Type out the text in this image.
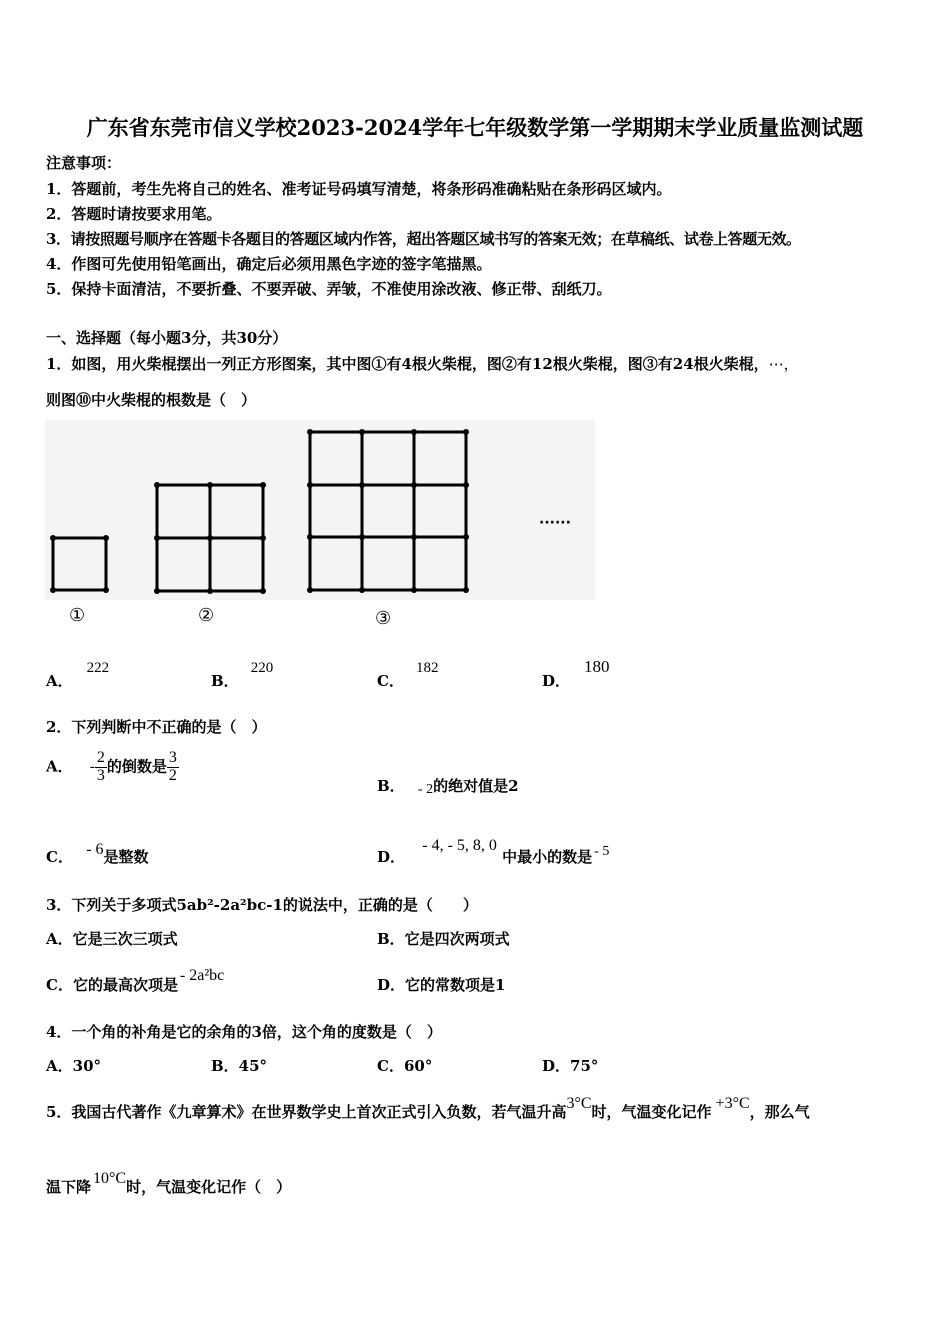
广东省东莞市信义学校2023-2024学年七年级数学第一学期期末学业质量监测试题
注意事项：
1．答题前，考生先将自己的姓名、准考证号码填写清楚，将条形码准确粘贴在条形码区域内。
2．答题时请按要求用笔。
3．请按照题号顺序在答题卡各题目的答题区域内作答，超出答题区域书写的答案无效；在草稿纸、试卷上答题无效。
4．作图可先使用铅笔画出，确定后必须用黑色字迹的签字笔描黑。
5．保持卡面清洁，不要折叠、不要弄破、弄皱，不准使用涂改液、修正带、刮纸刀。
一、选择题（每小题3分，共30分）
1．如图，用火柴棍摆出一列正方形图案，其中图①有4根火柴棍，图②有12根火柴棍，图③有24根火柴棍，⋯，
则图⑩中火柴棍的根数是（　）
······
①	②	③
A．222
B．220
C．182
D．180
2．下列判断中不正确的是（　）
A． - $\frac{2}{3}$ 的倒数是 $\frac{3}{2}$
B． - 2的绝对值是2
C． - 6是整数	D． - 4, - 5, 8, 0 中最小的数是 - 5
3．下列关于多项式5ab²-2a²bc-1的说法中，正确的是（　　）
A．它是三次三项式	B．它是四次两项式
C．它的最高次项是- 2a²bc
D．它的常数项是1
4．一个角的补角是它的余角的3倍，这个角的度数是（　）
A．30°	B．45°	C．60°	D．75°
5．我国古代著作《九章算术》在世界数学史上首次正式引入负数，若气温升高3°C时，气温变化记作 +3°C，那么气
温下降 10°C时，气温变化记作（　）
